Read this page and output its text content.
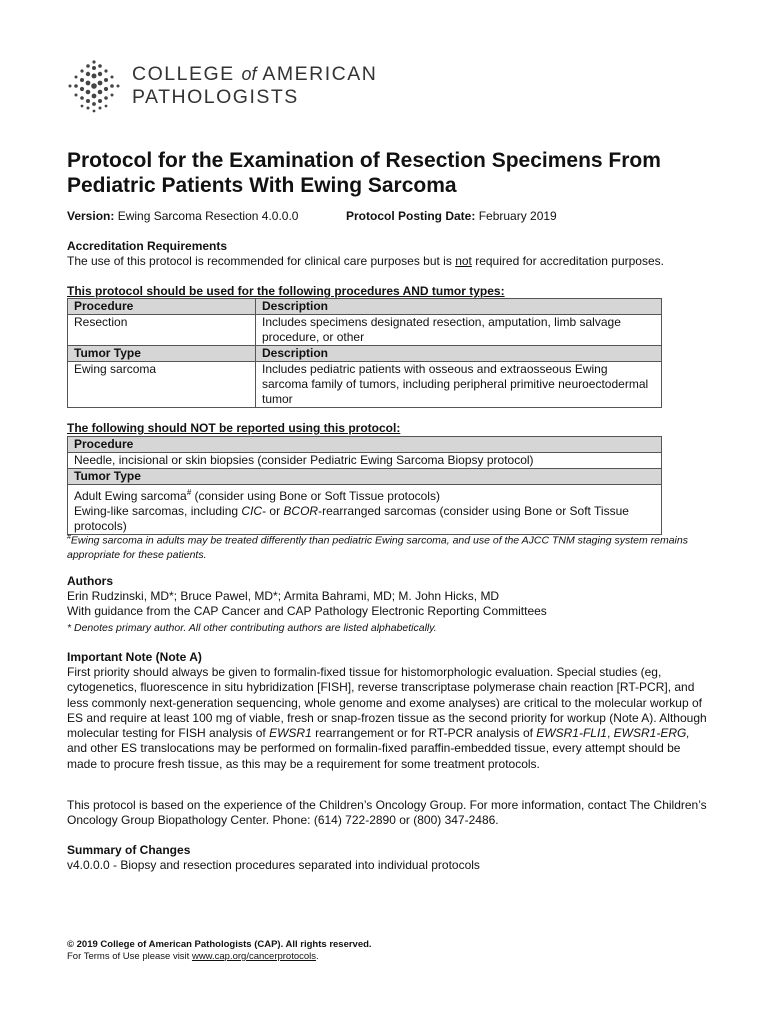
COLLEGE of AMERICAN
PATHOLOGISTS
Protocol for the Examination of Resection Specimens From Pediatric Patients With Ewing Sarcoma
Version: Ewing Sarcoma Resection 4.0.0.0	Protocol Posting Date: February 2019
Accreditation Requirements
The use of this protocol is recommended for clinical care purposes but is not required for accreditation purposes.
This protocol should be used for the following procedures AND tumor types:
Procedure	Description
Resection	Includes specimens designated resection, amputation, limb salvage procedure, or other
Tumor Type	Description
Ewing sarcoma	Includes pediatric patients with osseous and extraosseous Ewing sarcoma family of tumors, including peripheral primitive neuroectodermal tumor
The following should NOT be reported using this protocol:
Procedure
Needle, incisional or skin biopsies (consider Pediatric Ewing Sarcoma Biopsy protocol)
Tumor Type

Adult Ewing sarcoma# (consider using Bone or Soft Tissue protocols)
Ewing-like sarcomas, including CIC- or BCOR-rearranged sarcomas (consider using Bone or Soft Tissue protocols)
#Ewing sarcoma in adults may be treated differently than pediatric Ewing sarcoma, and use of the AJCC TNM staging system remains appropriate for these patients.
Authors
Erin Rudzinski, MD*; Bruce Pawel, MD*; Armita Bahrami, MD; M. John Hicks, MD
With guidance from the CAP Cancer and CAP Pathology Electronic Reporting Committees
* Denotes primary author. All other contributing authors are listed alphabetically.
Important Note (Note A)
First priority should always be given to formalin-fixed tissue for histomorphologic evaluation. Special studies (eg, cytogenetics, fluorescence in situ hybridization [FISH], reverse transcriptase polymerase chain reaction [RT-PCR], and less commonly next-generation sequencing, whole genome and exome analyses) are critical to the molecular workup of ES and require at least 100 mg of viable, fresh or snap-frozen tissue as the second priority for workup (Note A). Although molecular testing for FISH analysis of EWSR1 rearrangement or for RT-PCR analysis of EWSR1-FLI1, EWSR1-ERG, and other ES translocations may be performed on formalin-fixed paraffin-embedded tissue, every attempt should be made to procure fresh tissue, as this may be a requirement for some treatment protocols.
This protocol is based on the experience of the Children’s Oncology Group. For more information, contact The Children’s Oncology Group Biopathology Center. Phone: (614) 722-2890 or (800) 347-2486.
Summary of Changes
v4.0.0.0 - Biopsy and resection procedures separated into individual protocols
© 2019 College of American Pathologists (CAP). All rights reserved.
For Terms of Use please visit www.cap.org/cancerprotocols.
